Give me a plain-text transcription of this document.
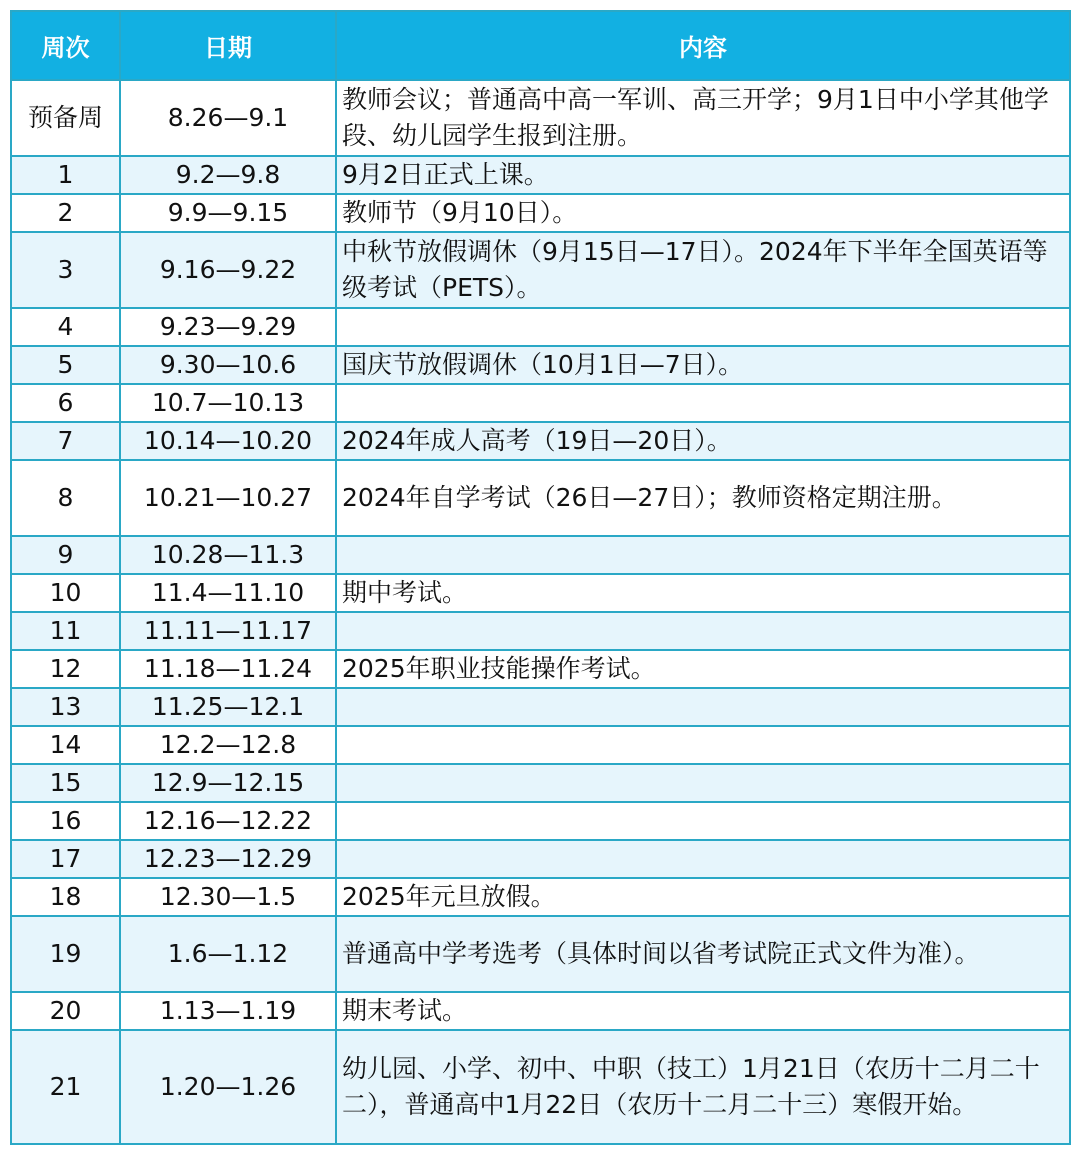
周次	日期	内容
预备周	8.26—9.1	教师会议；普通高中高一军训、高三开学；9月1日中小学其他学段、幼儿园学生报到注册。
1	9.2—9.8	9月2日正式上课。
2	9.9—9.15	教师节（9月10日）。
3	9.16—9.22	中秋节放假调休（9月15日—17日）。2024年下半年全国英语等级考试（PETS）。
4	9.23—9.29	
5	9.30—10.6	国庆节放假调休（10月1日—7日）。
6	10.7—10.13	
7	10.14—10.20	2024年成人高考（19日—20日）。
8	10.21—10.27	2024年自学考试（26日—27日）；教师资格定期注册。
9	10.28—11.3	
10	11.4—11.10	期中考试。
11	11.11—11.17	
12	11.18—11.24	2025年职业技能操作考试。
13	11.25—12.1	
14	12.2—12.8	
15	12.9—12.15	
16	12.16—12.22	
17	12.23—12.29	
18	12.30—1.5	2025年元旦放假。
19	1.6—1.12	普通高中学考选考（具体时间以省考试院正式文件为准）。
20	1.13—1.19	期末考试。
21	1.20—1.26	幼儿园、小学、初中、中职（技工）1月21日（农历十二月二十二），普通高中1月22日（农历十二月二十三）寒假开始。
